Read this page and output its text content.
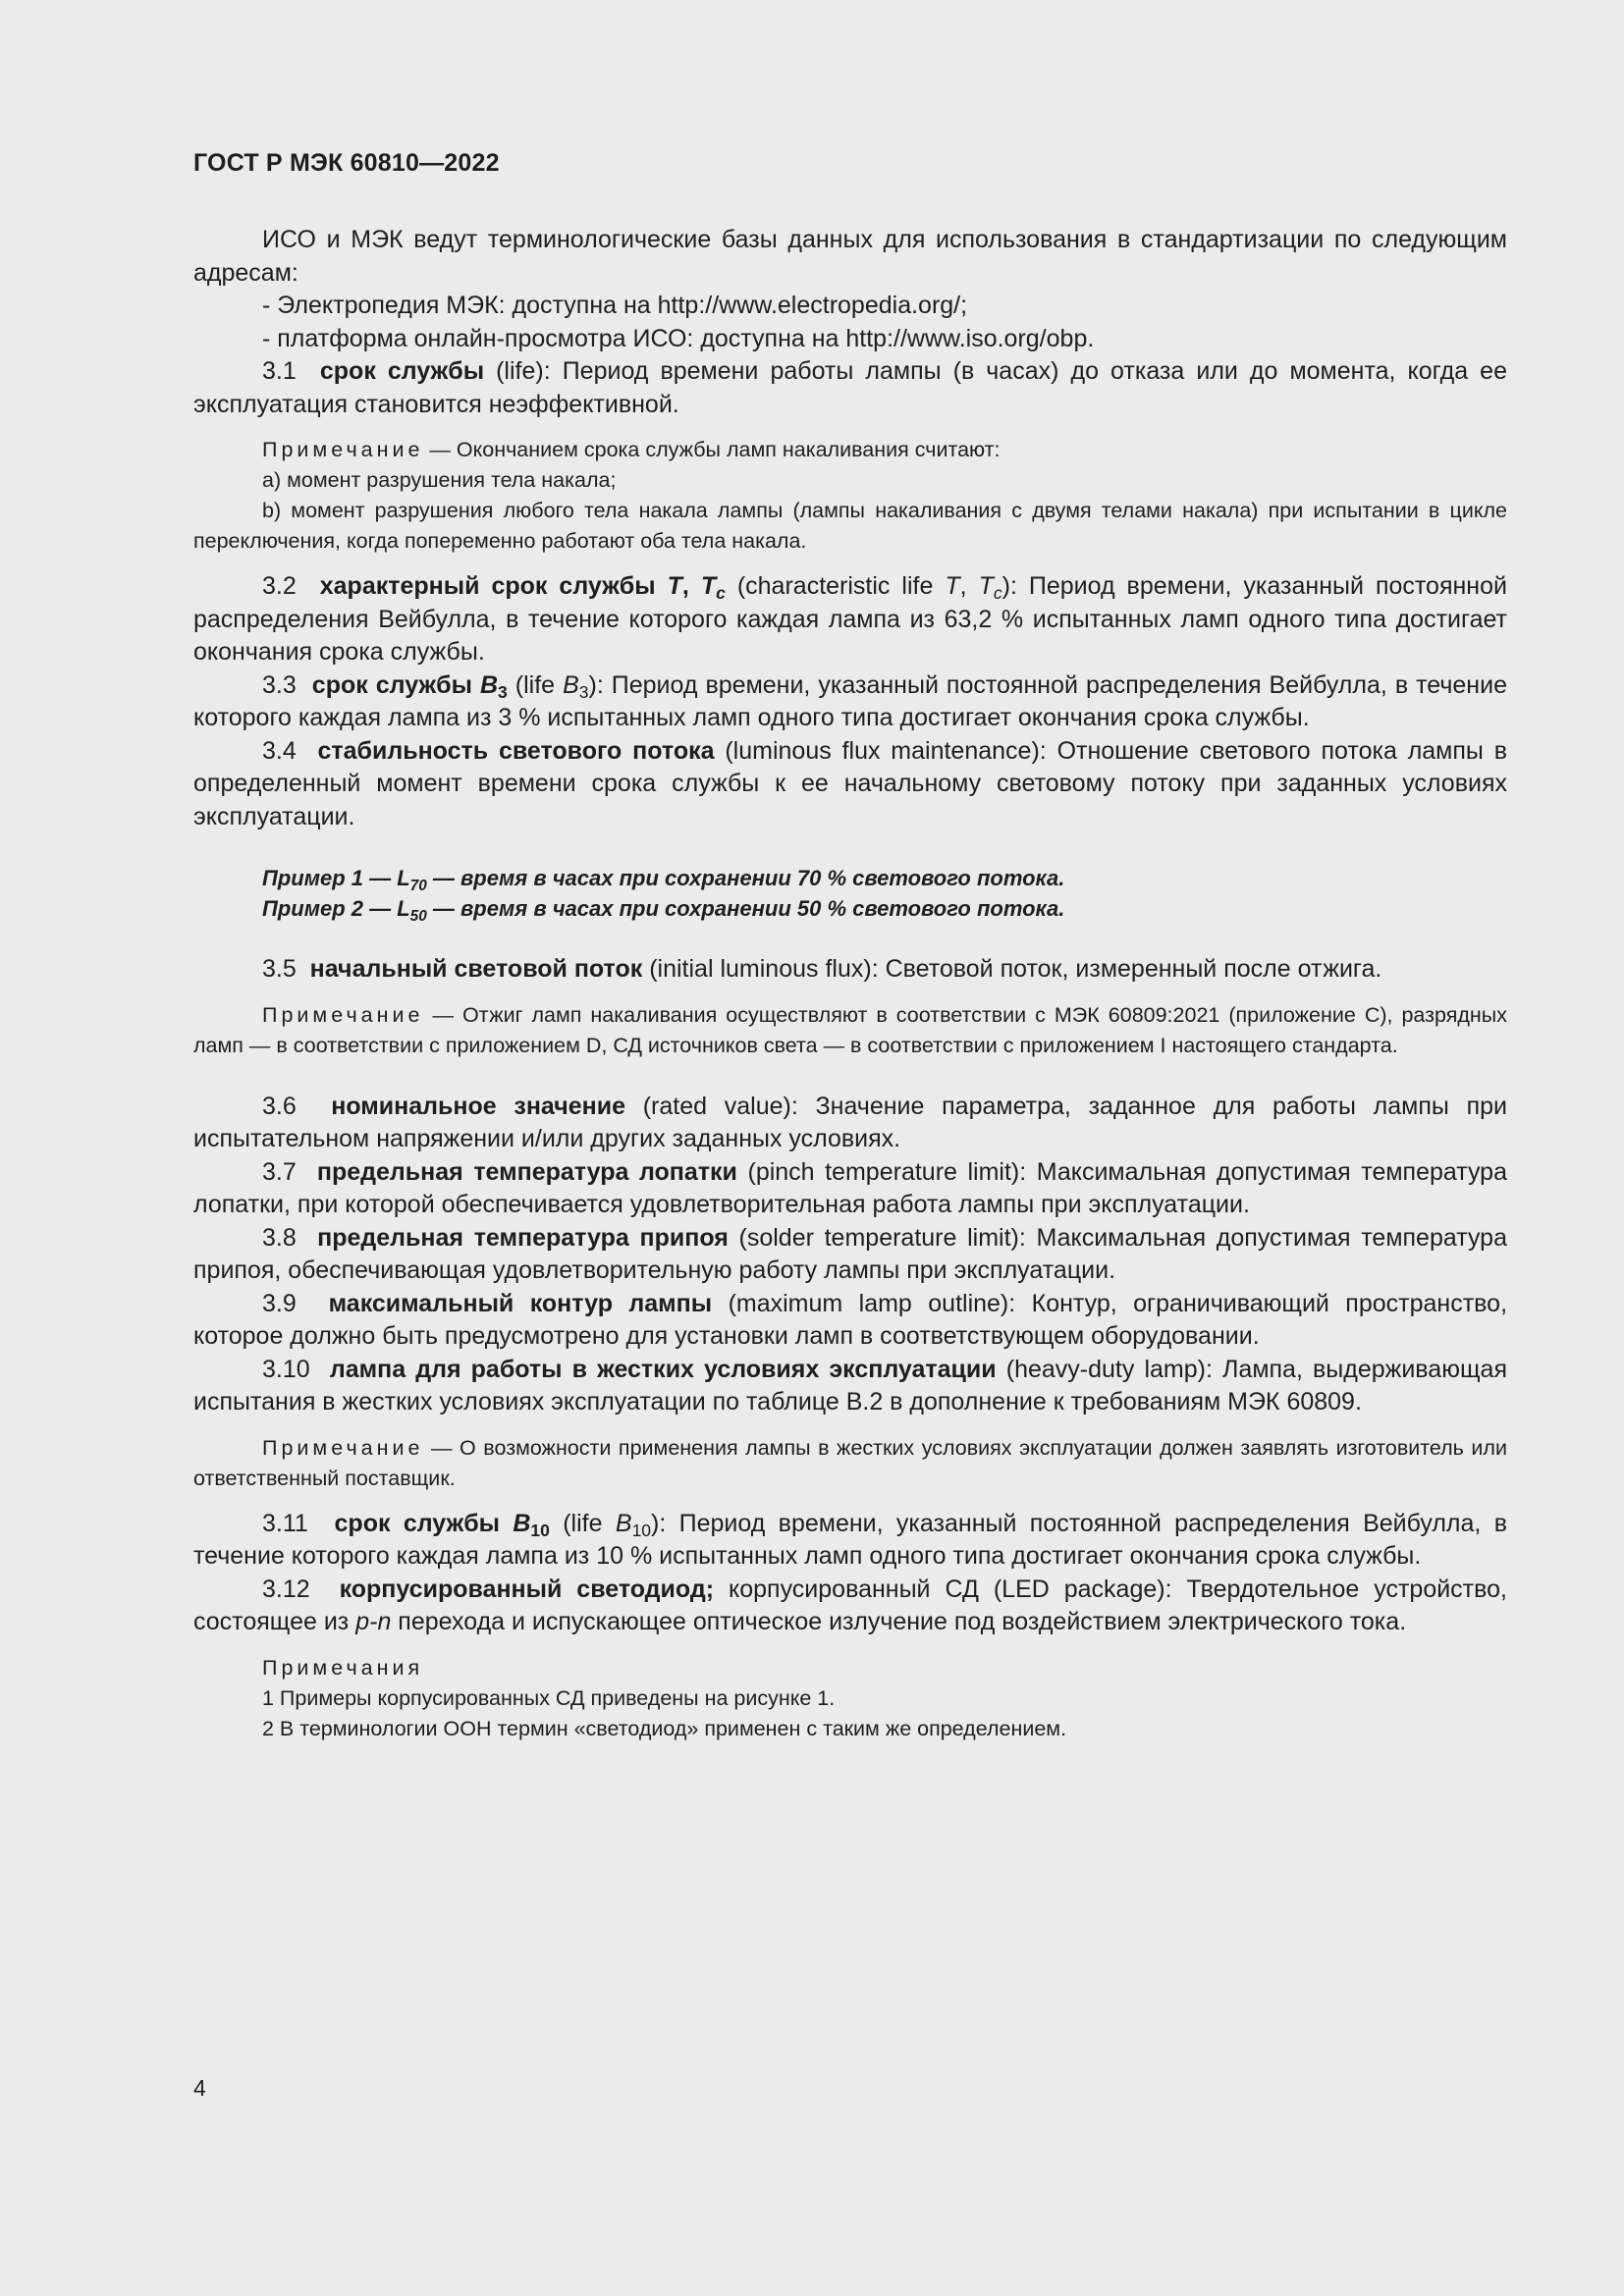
ГОСТ Р МЭК 60810—2022

ИСО и МЭК ведут терминологические базы данных для использования в стандартизации по следующим адресам:

- Электропедия МЭК: доступна на http://www.electropedia.org/;

- платформа онлайн-просмотра ИСО: доступна на http://www.iso.org/obp.

3.1 срок службы (life): Период времени работы лампы (в часах) до отказа или до момента, когда ее эксплуатация становится неэффективной.

Примечание — Окончанием срока службы ламп накаливания считают:

а) момент разрушения тела накала;

b) момент разрушения любого тела накала лампы (лампы накаливания с двумя телами накала) при испытании в цикле переключения, когда попеременно работают оба тела накала.

3.2 характерный срок службы T, $T_c$ (characteristic life T, $T_c$): Период времени, указанный постоянной распределения Вейбулла, в течение которого каждая лампа из 63,2 % испытанных ламп одного типа достигает окончания срока службы.

3.3 срок службы $B_3$ (life $B_3$): Период времени, указанный постоянной распределения Вейбулла, в течение которого каждая лампа из 3 % испытанных ламп одного типа достигает окончания срока службы.

3.4 стабильность светового потока (luminous flux maintenance): Отношение светового потока лампы в определенный момент времени срока службы к ее начальному световому потоку при заданных условиях эксплуатации.

Пример 1 — $L_{70}$ — время в часах при сохранении 70 % светового потока.

Пример 2 — $L_{50}$ — время в часах при сохранении 50 % светового потока.

3.5 начальный световой поток (initial luminous flux): Световой поток, измеренный после отжига.

Примечание — Отжиг ламп накаливания осуществляют в соответствии с МЭК 60809:2021 (приложение С), разрядных ламп — в соответствии с приложением D, СД источников света — в соответствии с приложением I настоящего стандарта.

3.6 номинальное значение (rated value): Значение параметра, заданное для работы лампы при испытательном напряжении и/или других заданных условиях.

3.7 предельная температура лопатки (pinch temperature limit): Максимальная допустимая температура лопатки, при которой обеспечивается удовлетворительная работа лампы при эксплуатации.

3.8 предельная температура припоя (solder temperature limit): Максимальная допустимая температура припоя, обеспечивающая удовлетворительную работу лампы при эксплуатации.

3.9 максимальный контур лампы (maximum lamp outline): Контур, ограничивающий пространство, которое должно быть предусмотрено для установки ламп в соответствующем оборудовании.

3.10 лампа для работы в жестких условиях эксплуатации (heavy-duty lamp): Лампа, выдерживающая испытания в жестких условиях эксплуатации по таблице В.2 в дополнение к требованиям МЭК 60809.

Примечание — О возможности применения лампы в жестких условиях эксплуатации должен заявлять изготовитель или ответственный поставщик.

3.11 срок службы $B_{10}$ (life $B_{10}$): Период времени, указанный постоянной распределения Вейбулла, в течение которого каждая лампа из 10 % испытанных ламп одного типа достигает окончания срока службы.

3.12 корпусированный светодиод; корпусированный СД (LED package): Твердотельное устройство, состоящее из p-n перехода и испускающее оптическое излучение под воздействием электрического тока.

Примечания

1 Примеры корпусированных СД приведены на рисунке 1.

2 В терминологии ООН термин «светодиод» применен с таким же определением.

4
